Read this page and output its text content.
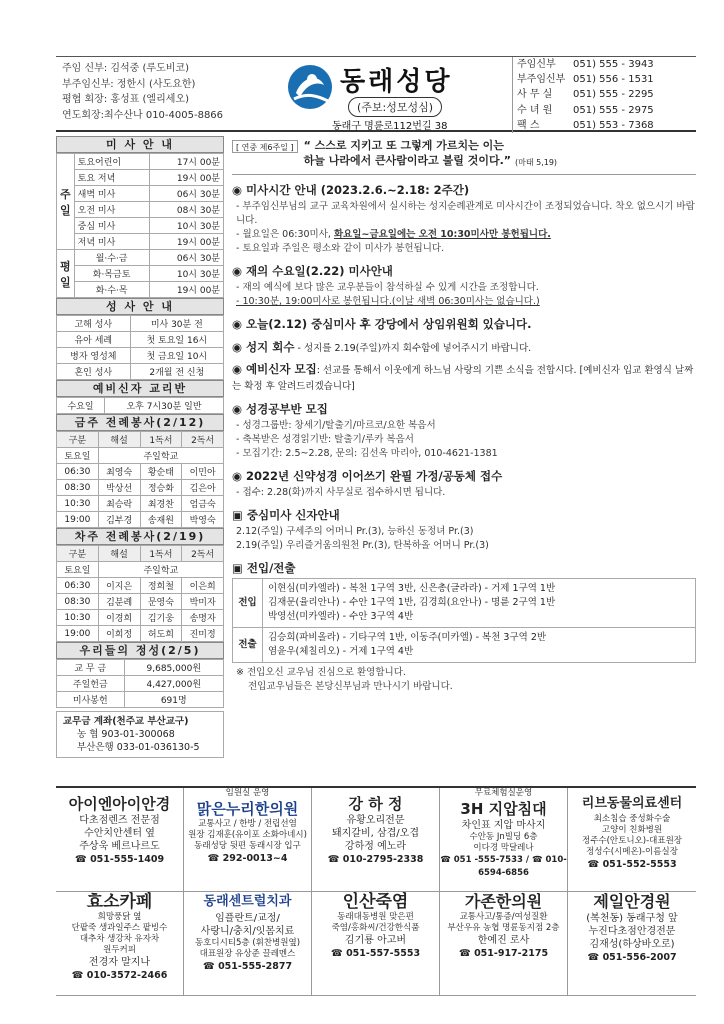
주임 신부: 김석중 (루도비코)
부주임신부: 정한시 (사도요한)
평협 회장: 홍성표 (엘리세오)
연도회장:최수산나 010-4005-8866
동래성당
(주보:성모성심)
동래구 명륜로112번길 38
주임신부	051) 555 - 3943
부주임신부 051) 556 - 1531
사 무 실	051) 555 - 2295
수 녀 원	051) 555 - 2975
팩 스	051) 553 - 7368
미 사 안 내
주 일	토요어린이	17시 00분
	토요 저녁	19시 00분
	새벽 미사	06시 30분
	오전 미사	08시 30분
	중심 미사	10시 30분
	저녁 미사	19시 00분
평 일	월·수·금	06시 30분
	화·목금토	10시 30분
	화·수·목	19시 00분
성 사 안 내
고해 성사	미사 30분 전
유아 세례	첫 토요일 16시
병자 영성체	첫 금요일 10시
혼인 성사	2개월 전 신청
예비신자 교리반
수요일	오후 7시30분 일반
금주 전례봉사(2/12)
구분	해설	1독서	2독서
토요일	주일학교		
06:30	최영숙	황순태	이민아
08:30	박상선	정승화	김은아
10:30	최승락	최경찬	엄금숙
19:00	김부경	송재원	박영숙
차주 전례봉사(2/19)
구분	해설	1독서	2독서
토요일	주일학교		
06:30	이지은	정희철	이은희
08:30	김분례	문영숙	박미자
10:30	이경희	김기웅	송명자
19:00	이희정	허도희	진미정
우리들의 정성(2/5)
교 무 금	9,685,000원
주일헌금	4,427,000원
미사봉헌	691명
교무금 계좌(천주교 부산교구)
농 협 903-01-300068
부산은행 033-01-036130-5
[ 연중 제6주일 ] “ 스스로 지키고 또 그렇게 가르치는 이는
하늘 나라에서 큰사람이라고 불릴 것이다.” (마태 5,19)
◉ 미사시간 안내 (2023.2.6.~2.18: 2주간)

- 부주임신부님의 교구 교육차원에서 실시하는 성지순례관계로 미사시간이 조정되었습니다. 착오 없으시기 바랍니다.

- 월요일은 06:30미사, 화요일~금요일에는 오전 10:30미사만 봉헌됩니다.

- 토요일과 주일은 평소와 같이 미사가 봉헌됩니다.

◉ 재의 수요일(2.22) 미사안내

- 재의 예식에 보다 많은 교우분들이 참석하실 수 있게 시간을 조정합니다.

- 10:30분, 19:00미사로 봉헌됩니다.(이날 새벽 06:30미사는 없습니다.)

◉ 오늘(2.12) 중심미사 후 강당에서 상임위원회 있습니다.
◉ 성지 회수 - 성지를 2.19(주일)까지 회수함에 넣어주시기 바랍니다.
◉ 예비신자 모집: 선교를 통해서 이웃에게 하느님 사랑의 기쁜 소식을 전합시다. [예비신자 입교 환영식 날짜는 확정 후 알려드리겠습니다]
◉ 성경공부반 모집

- 성경그룹반: 창세기/탈출기/마르코/요한 복음서

- 축복받은 성경읽기반: 탈출기/루카 복음서

- 모집기간: 2.5~2.28, 문의: 김선옥 마리아, 010-4621-1381

◉ 2022년 신약성경 이어쓰기 완필 가정/공동체 접수

- 접수: 2.28(화)까지 사무실로 접수하시면 됩니다.

▣ 중심미사 신자안내

2.12(주일) 구세주의 어머니 Pr.(3), 능하신 동정녀 Pr.(3)

2.19(주일) 우리즐거움의원천 Pr.(3), 탄복하올 어머니 Pr.(3)

▣ 전입/전출
전입	이현심(미카엘라) - 복천 1구역 3반, 신은총(글라라) - 거제 1구역 1반
김재문(율리안나) - 수안 1구역 1반, 김경희(요안나) - 명륜 2구역 1반
박영선(미카엘라) - 수안 3구역 4반

전출	김승희(파비올라) - 기타구역 1반, 이동주(미카엘) - 복천 3구역 2반
염윤우(체칠리오) - 거제 1구역 4반

※ 전입오신 교우님 진심으로 환영합니다.

전입교우님들은 본당신부님과 만나시기 바랍니다.

아이엔아이안경
다초점렌즈 전문점
수안치안센터 옆
주상욱 베르나르도
☎ 051-555-1409
임원실 운영
맑은누리한의원
교통사고 / 한방 / 전립선염
원장 김재훈(유이포 소화아네시)
동래성당 뒷편 동래시장 입구
☎ 292-0013~4
강 하 정
유황오리전문
돼지갈비, 삼겹/오겹
강하정 예노라
☎ 010-2795-2338
무료체험실운영
3H 지압침대
차인표 지압 마사지
수안동 Jn빌딩 6층
이다경 막달레나
☎ 051 -555-7533 / ☎ 010-6594-6856
리브동물의료센터
최소침습 중성화수술
고양이 친화병원
정주수(안토니오)-대표원장
정성수(시메온)-이름실장
☎ 051-552-5553
효소카페
희망풍닭 옆
단팥죽 생과일주스 팥빙수
대추차 생강차 유자차
원두커피
전경자 말지나
☎ 010-3572-2466
동래센트럴치과
임플란트/교정/
사랑니/충치/잇몸치료
동호디시티5층 (휘찬병원옆)
대표원장 유상준 끌레멘스
☎ 051-555-2877
인산죽염
동래대동병원 맞은편
죽염/홍화씨/건강한식품
김기룡 아고버
☎ 051-557-5553
가존한의원
교통사고/통증/여성질환
부산우유 농협 명륜동지점 2층
한예진 로사
☎ 051-917-2175
제일안경원
(복천동) 동래구청 앞
누진다초점안경전문
김재성(하상바오로)
☎ 051-556-2007
